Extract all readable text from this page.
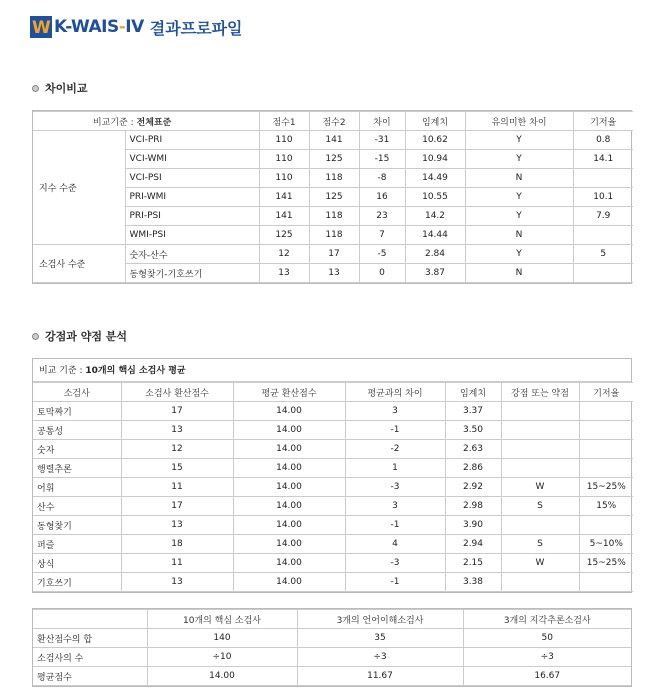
W
K-WAIS-IV 결과프로파일
차이비교
비교기준 : 전체표준		점수1	점수2	차이	임계치	유의미한 차이	기저율
지수 수준	VCI-PRI	110	141	-31	10.62	Y	0.8
	VCI-WMI	110	125	-15	10.94	Y	14.1
	VCI-PSI	110	118	-8	14.49	N	
	PRI-WMI	141	125	16	10.55	Y	10.1
	PRI-PSI	141	118	23	14.2	Y	7.9
	WMI-PSI	125	118	7	14.44	N	
소검사 수준	숫자-산수	12	17	-5	2.84	Y	5
	동형찾기-기호쓰기	13	13	0	3.87	N	
강점과 약점 분석
비교 기준 : 10개의 핵심 소검사 평균
소검사	소검사 환산점수	평균 환산점수	평균과의 차이	임계치	강점 또는 약점	기저율
토막짜기	17	14.00	3	3.37		
공통성	13	14.00	-1	3.50		
숫자	12	14.00	-2	2.63		
행렬추론	15	14.00	1	2.86		
어휘	11	14.00	-3	2.92	W	15~25%
산수	17	14.00	3	2.98	S	15%
동형찾기	13	14.00	-1	3.90		
퍼즐	18	14.00	4	2.94	S	5~10%
상식	11	14.00	-3	2.15	W	15~25%
기호쓰기	13	14.00	-1	3.38		
	10개의 핵심 소검사	3개의 언어이해소검사	3개의 지각추론소검사
환산점수의 합	140	35	50
소검사의 수	÷10	÷3	÷3
평균점수	14.00	11.67	16.67
